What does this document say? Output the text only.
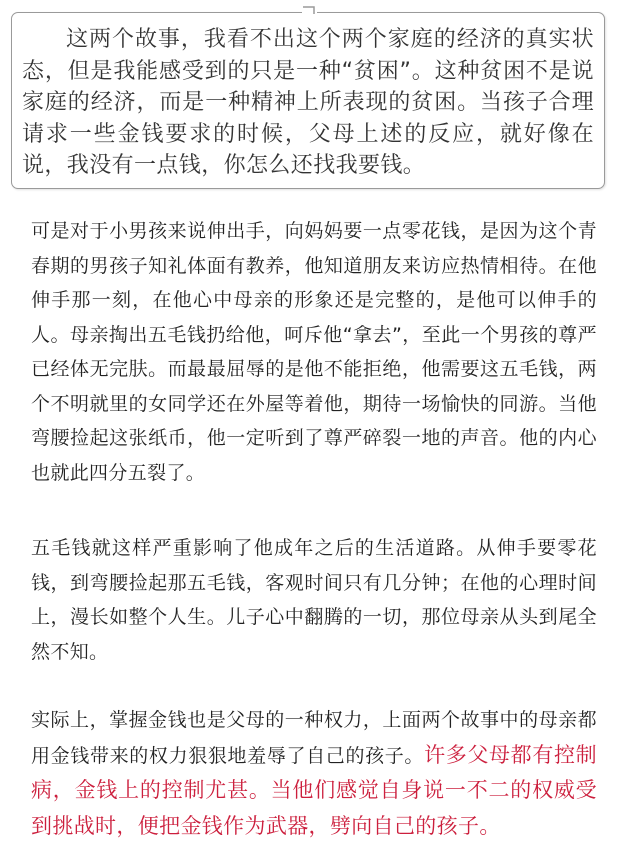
这两个故事，我看不出这个两个家庭的经济的真实状态，但是我能感受到的只是一种“贫困”。这种贫困不是说家庭的经济，而是一种精神上所表现的贫困。当孩子合理请求一些金钱要求的时候，父母上述的反应，就好像在说，我没有一点钱，你怎么还找我要钱。

可是对于小男孩来说伸出手，向妈妈要一点零花钱，是因为这个青春期的男孩子知礼体面有教养，他知道朋友来访应热情相待。在他伸手那一刻，在他心中母亲的形象还是完整的，是他可以伸手的人。母亲掏出五毛钱扔给他，呵斥他“拿去”，至此一个男孩的尊严已经体无完肤。而最最屈辱的是他不能拒绝，他需要这五毛钱，两个不明就里的女同学还在外屋等着他，期待一场愉快的同游。当他弯腰捡起这张纸币，他一定听到了尊严碎裂一地的声音。他的内心也就此四分五裂了。

五毛钱就这样严重影响了他成年之后的生活道路。从伸手要零花钱，到弯腰捡起那五毛钱，客观时间只有几分钟；在他的心理时间上，漫长如整个人生。儿子心中翻腾的一切，那位母亲从头到尾全然不知。

实际上，掌握金钱也是父母的一种权力，上面两个故事中的母亲都用金钱带来的权力狠狠地羞辱了自己的孩子。许多父母都有控制病，金钱上的控制尤甚。当他们感觉自身说一不二的权威受到挑战时，便把金钱作为武器，劈向自己的孩子。
